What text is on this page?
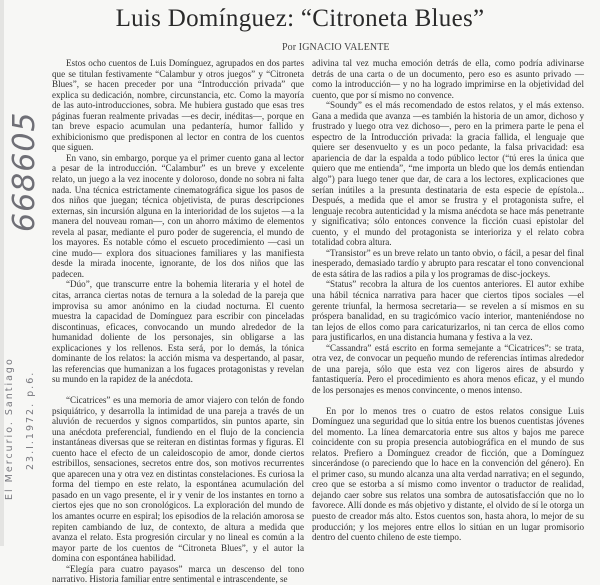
Luis Domínguez: “Citroneta Blues”
Por IGNACIO VALENTE

Estos ocho cuentos de Luis Domínguez, agrupados en dos partes que se titulan festivamente “Calambur y otros juegos” y “Citroneta Blues”, se hacen preceder por una “Introducción privada” que explica su dedicación, nombre, circunstancia, etc. Como la mayoría de las auto-introducciones, sobra. Me hubiera gustado que esas tres páginas fueran realmente privadas —es decir, inéditas—, porque en tan breve espacio acumulan una pedantería, humor fallido y exhibicionismo que predisponen al lector en contra de los cuentos que siguen.

En vano, sin embargo, porque ya el primer cuento gana al lector a pesar de la introducción. “Calambur” es un breve y excelente relato, un juego a la vez inocente y doloroso, donde no sobra ni falta nada. Una técnica estrictamente cinematográfica sigue los pasos de dos niños que juegan; técnica objetivista, de puras descripciones externas, sin incursión alguna en la interioridad de los sujetos —a la manera del nouveau roman—, con un ahorro máximo de elementos revela al pasar, mediante el puro poder de sugerencia, el mundo de los mayores. Es notable cómo el escueto procedimiento —casi un cine mudo— explora dos situaciones familiares y las manifiesta desde la mirada inocente, ignorante, de los dos niños que las padecen.

“Dúo”, que transcurre entre la bohemia literaria y el hotel de citas, arranca ciertas notas de ternura a la soledad de la pareja que improvisa su amor anónimo en la ciudad nocturna. El cuento muestra la capacidad de Domínguez para escribir con pinceladas discontinuas, eficaces, convocando un mundo alrededor de la humanidad doliente de los personajes, sin obligarse a las explicaciones y los rellenos. Esta será, por lo demás, la tónica dominante de los relatos: la acción misma va despertando, al pasar, las referencias que humanizan a los fugaces protagonistas y revelan su mundo en la rapidez de la anécdota.

“Cicatrices” es una memoria de amor viajero con telón de fondo psiquiátrico, y desarrolla la intimidad de una pareja a través de un aluvión de recuerdos y signos compartidos, sin puntos aparte, sin una anécdota preferencial, fundiendo en el flujo de la conciencia instantáneas diversas que se reiteran en distintas formas y figuras. El cuento hace el efecto de un caleidoscopio de amor, donde ciertos estribillos, sensaciones, secretos entre dos, son motivos recurrentes que aparecen una y otra vez en distintas constelaciones. Es curiosa la forma del tiempo en este relato, la espontánea acumulación del pasado en un vago presente, el ir y venir de los instantes en torno a ciertos ejes que no son cronológicos. La exploración del mundo de los amantes ocurre en espiral; los episodios de la relación amorosa se repiten cambiando de luz, de contexto, de altura a medida que avanza el relato. Esta progresión circular y no lineal es común a la mayor parte de los cuentos de “Citroneta Blues”, y el autor la domina con espontánea habilidad.

“Elegía para cuatro payasos” marca un descenso del tono narrativo. Historia familiar entre sentimental e intrascendente, se

adivina tal vez mucha emoción detrás de ella, como podría adivinarse detrás de una carta o de un documento, pero eso es asunto privado —como la introducción— y no ha logrado imprimirse en la objetividad del cuento, que por sí mismo no convence.

“Soundy” es el más recomendado de estos relatos, y el más extenso. Gana a medida que avanza —es también la historia de un amor, dichoso y frustrado y luego otra vez dichoso—, pero en la primera parte le pena el espectro de la Introducción privada: la gracia fallida, el lenguaje que quiere ser desenvuelto y es un poco pedante, la falsa privacidad: esa apariencia de dar la espalda a todo público lector (“tú eres la única que quiero que me entienda”, “me importa un bledo que los demás entiendan algo”) para luego tener que dar, de cara a los lectores, explicaciones que serían inútiles a la presunta destinataria de esta especie de epístola... Después, a medida que el amor se frustra y el protagonista sufre, el lenguaje recobra autenticidad y la misma anécdota se hace más penetrante y significativa; sólo entonces convence la ficción cuasi epistolar del cuento, y el mundo del protagonista se interioriza y el relato cobra totalidad cobra altura.

“Transistor” es un breve relato un tanto obvio, o fácil, a pesar del final inesperado, demasiado tardío y abrupto para rescatar el tono convencional de esta sátira de las radios a pila y los programas de disc-jockeys.

“Status” recobra la altura de los cuentos anteriores. El autor exhibe una hábil técnica narrativa para hacer que ciertos tipos sociales —el gerente triunfal, la hermosa secretaria— se revelen a sí mismos en su próspera banalidad, en su tragicómico vacío interior, manteniéndose no tan lejos de ellos como para caricaturizarlos, ni tan cerca de ellos como para justificarlos, en una distancia humana y festiva a la vez.

“Cassandra” está escrito en forma semejante a “Cicatrices”: se trata, otra vez, de convocar un pequeño mundo de referencias íntimas alrededor de una pareja, sólo que esta vez con ligeros aires de absurdo y fantastiquería. Pero el procedimiento es ahora menos eficaz, y el mundo de los personajes es menos convincente, o menos intenso.

En por lo menos tres o cuatro de estos relatos consigue Luis Domínguez una seguridad que lo sitúa entre los buenos cuentistas jóvenes del momento. La línea demarcatoria entre sus altos y bajos me parece coincidente con su propia presencia autobiográfica en el mundo de sus relatos. Prefiero a Domínguez creador de ficción, que a Domínguez sincerándose (o pareciendo que lo hace en la convención del género). En el primer caso, su mundo alcanza una alta verdad narrativa; en el segundo, creo que se estorba a sí mismo como inventor o traductor de realidad, dejando caer sobre sus relatos una sombra de autosatisfacción que no lo favorece. Allí donde es más objetivo y distante, el olvido de sí le otorga un puesto de creador más alto. Estos cuentos son, hasta ahora, lo mejor de su producción; y los mejores entre ellos lo sitúan en un lugar promisorio dentro del cuento chileno de este tiempo.

668605
El Mercurio. Santiago 23.I.1972. p.6.
